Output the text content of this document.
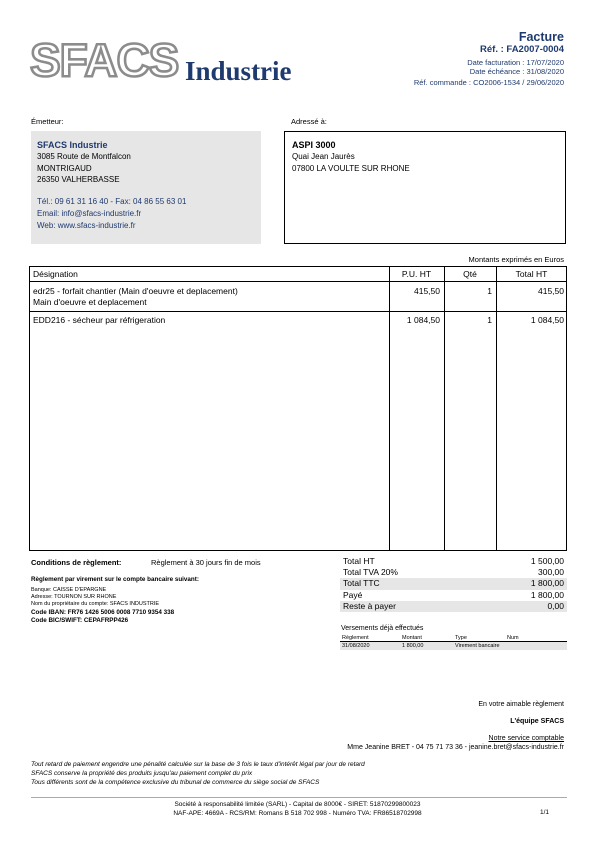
SFACS Industrie
Facture
Réf. : FA2007-0004
Date facturation : 17/07/2020
Date échéance : 31/08/2020
Réf. commande : CO2006-1534 / 29/06/2020
Émetteur:	Adressé à:
SFACS Industrie
3085 Route de Montfalcon
MONTRIGAUD
26350 VALHERBASSE
Tél.: 09 61 31 16 40 - Fax: 04 86 55 63 01
Email: info@sfacs-industrie.fr
Web: www.sfacs-industrie.fr
ASPI 3000
Quai Jean Jaurès
07800 LA VOULTE SUR RHONE
Montants exprimés en Euros
Désignation	P.U. HT	Qté	Total HT
edr25 - forfait chantier (Main d'oeuvre et deplacement)
Main d'oeuvre et deplacement
415,50	1	415,50
EDD216 - sécheur par réfrigeration	1 084,50	1	1 084,50
Conditions de règlement:	Règlement à 30 jours fin de mois
Règlement par virement sur le compte bancaire suivant:
Banque: CAISSE D'EPARGNE
Adresse: TOURNON SUR RHONE
Nom du propriétaire du compte: SFACS INDUSTRIE
Code IBAN: FR76 1426 5006 0008 7710 9354 338
Code BIC/SWIFT: CEPAFRPP426
Total HT	1 500,00
Total TVA 20%	300,00
Total TTC	1 800,00
Payé	1 800,00
Reste à payer	0,00
Versements déjà effectués
Règlement	Montant	Type	Num
31/08/2020	1 800,00	Virement bancaire
En votre aimable règlement
L'équipe SFACS
Notre service comptable
Mme Jeanine BRET - 04 75 71 73 36 - jeanine.bret@sfacs-industrie.fr
Tout retard de paiement engendre une pénalité calculée sur la base de 3 fois le taux d'intérêt légal par jour de retard
SFACS conserve la propriété des produits jusqu'au paiement complet du prix
Tous différents sont de la compétence exclusive du tribunal de commerce du siège social de SFACS
Société à responsabilité limitée (SARL) - Capital de 8000€ - SIRET: 51870299800023
NAF-APE: 4669A - RCS/RM: Romans B 518 702 998 - Numéro TVA: FR86518702998	1/1
